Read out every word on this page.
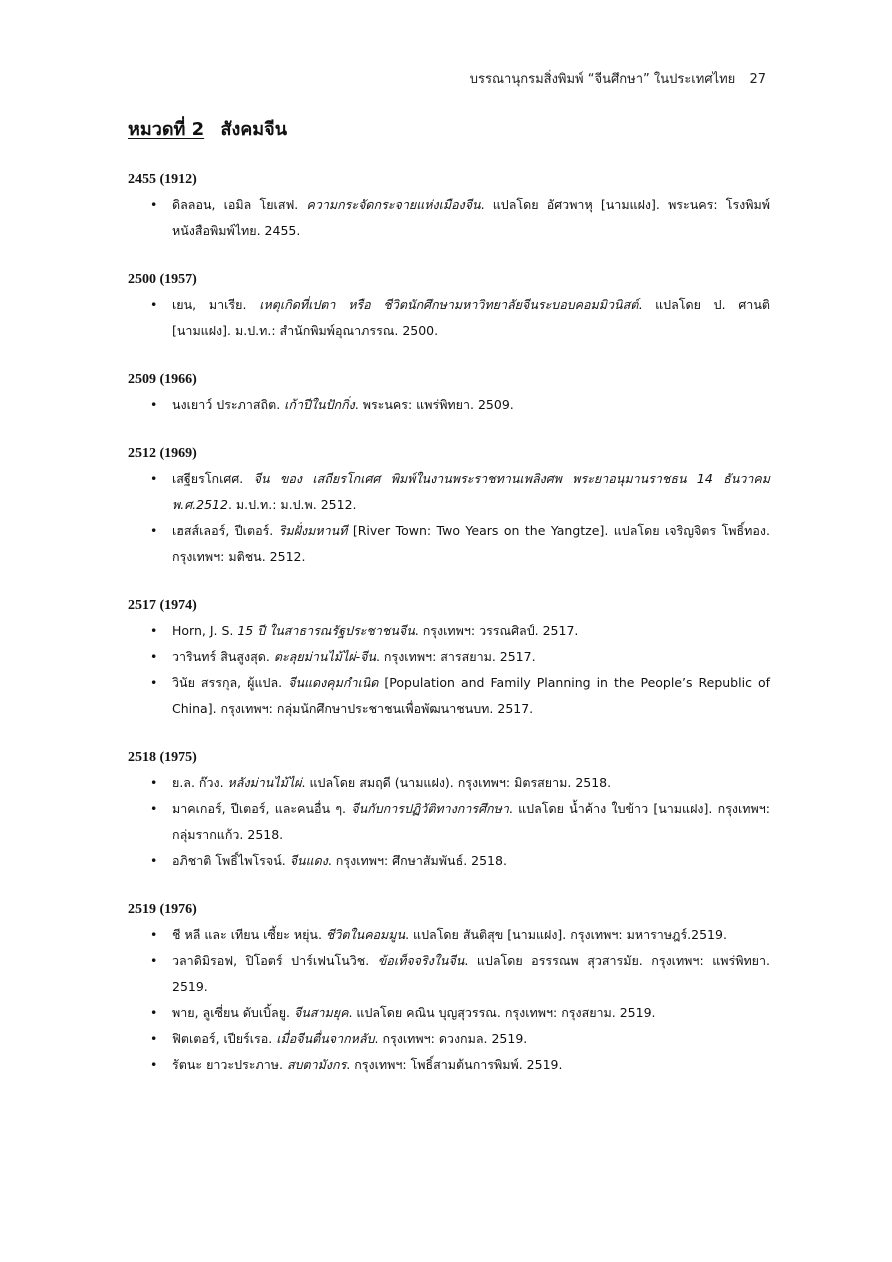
บรรณานุกรมสิ่งพิมพ์ “จีนศึกษา” ในประเทศไทย 27
หมวดที่ 2 สังคมจีน
2455 (1912)
• ดิลลอน, เอมิล โยเสฟ. ความกระจัดกระจายแห่งเมืองจีน. แปลโดย อัศวพาหุ [นามแฝง]. พระนคร: โรงพิมพ์หนังสือพิมพ์ไทย. 2455.
2500 (1957)
• เยน, มาเรีย. เหตุเกิดที่เปตา หรือ ชีวิตนักศึกษามหาวิทยาลัยจีนระบอบคอมมิวนิสต์. แปลโดย ป. ศานติ [นามแฝง]. ม.ป.ท.: สำนักพิมพ์อุณาภรรณ. 2500.
2509 (1966)
• นงเยาว์ ประภาสถิต. เก้าปีในปักกิ่ง. พระนคร: แพร่พิทยา. 2509.
2512 (1969)
• เสฐียรโกเศศ. จีน ของ เสถียรโกเศศ พิมพ์ในงานพระราชทานเพลิงศพ พระยาอนุมานราชธน 14 ธันวาคม พ.ศ.2512. ม.ป.ท.: ม.ป.พ. 2512.
• เฮสส์เลอร์, ปีเตอร์. ริมฝั่งมหานที [River Town: Two Years on the Yangtze]. แปลโดย เจริญจิตร โพธิ์ทอง. กรุงเทพฯ: มติชน. 2512.
2517 (1974)
• Horn, J. S. 15 ปี ในสาธารณรัฐประชาชนจีน. กรุงเทพฯ: วรรณศิลป์. 2517.
• วารินทร์ สินสูงสุด. ตะลุยม่านไม้ไผ่-จีน. กรุงเทพฯ: สารสยาม. 2517.
• วินัย สรรกุล, ผู้แปล. จีนแดงคุมกำเนิด [Population and Family Planning in the People’s Republic of China]. กรุงเทพฯ: กลุ่มนักศึกษาประชาชนเพื่อพัฒนาชนบท. 2517.
2518 (1975)
• ย.ล. ก๊วง. หลังม่านไม้ไผ่. แปลโดย สมฤดี (นามแฝง). กรุงเทพฯ: มิตรสยาม. 2518.
• มาคเกอร์, ปีเตอร์, และคนอื่น ๆ. จีนกับการปฏิวัติทางการศึกษา. แปลโดย น้ำค้าง ใบข้าว [นามแฝง]. กรุงเทพฯ: กลุ่มรากแก้ว. 2518.
• อภิชาติ โพธิ์ไพโรจน์. จีนแดง. กรุงเทพฯ: ศึกษาสัมพันธ์. 2518.
2519 (1976)
• ชี หลี และ เทียน เซี้ยะ หยุ่น. ชีวิตในคอมมูน. แปลโดย สันติสุข [นามแฝง]. กรุงเทพฯ: มหาราษฎร์.2519.
• วลาดิมิรอฟ, ปิโอตร์ ปาร์เฟนโนวิช. ข้อเท็จจริงในจีน. แปลโดย อรรรณพ สุวสารมัย. กรุงเทพฯ: แพร่พิทยา. 2519.
• พาย, ลูเซี่ยน ดับเบิ้ลยู. จีนสามยุค. แปลโดย คณิน บุญสุวรรณ. กรุงเทพฯ: กรุงสยาม. 2519.
• ฟิตเตอร์, เปียร์เรอ. เมื่อจีนตื่นจากหลับ. กรุงเทพฯ: ดวงกมล. 2519.
• รัตนะ ยาวะประภาษ. สบตามังกร. กรุงเทพฯ: โพธิ์สามต้นการพิมพ์. 2519.
